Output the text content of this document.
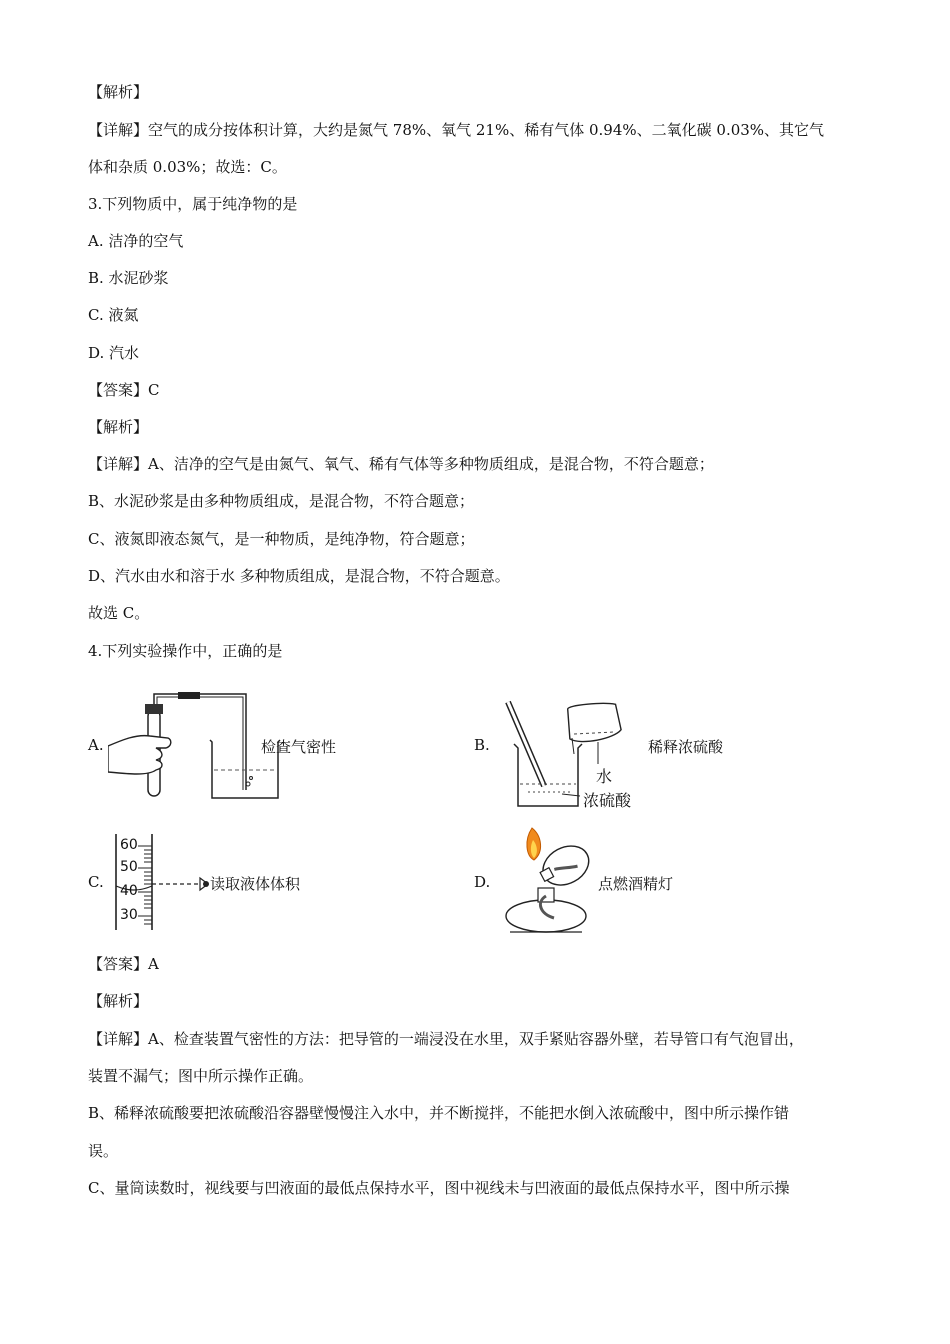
【解析】
【详解】空气的成分按体积计算，大约是氮气 78%、氧气 21%、稀有气体 0.94%、二氧化碳 0.03%、其它气
体和杂质 0.03%；故选：C。
3.下列物质中，属于纯净物的是
A. 洁净的空气
B. 水泥砂浆
C. 液氮
D. 汽水
【答案】C
【解析】
【详解】A、洁净的空气是由氮气、氧气、稀有气体等多种物质组成，是混合物，不符合题意；
B、水泥砂浆是由多种物质组成，是混合物，不符合题意；
C、液氮即液态氮气，是一种物质，是纯净物，符合题意；
D、汽水由水和溶于水 多种物质组成，是混合物，不符合题意。
故选 C。
4.下列实验操作中，正确的是
A.	检查气密性	B.	稀释浓硫酸
水
浓硫酸
C.
60
50
40
30
读取液体体积	D.	点燃酒精灯
【答案】A
【解析】
【详解】A、检查装置气密性的方法：把导管的一端浸没在水里，双手紧贴容器外壁，若导管口有气泡冒出，
装置不漏气；图中所示操作正确。
B、稀释浓硫酸要把浓硫酸沿容器壁慢慢注入水中，并不断搅拌，不能把水倒入浓硫酸中，图中所示操作错
误。
C、量筒读数时，视线要与凹液面的最低点保持水平，图中视线未与凹液面的最低点保持水平，图中所示操
